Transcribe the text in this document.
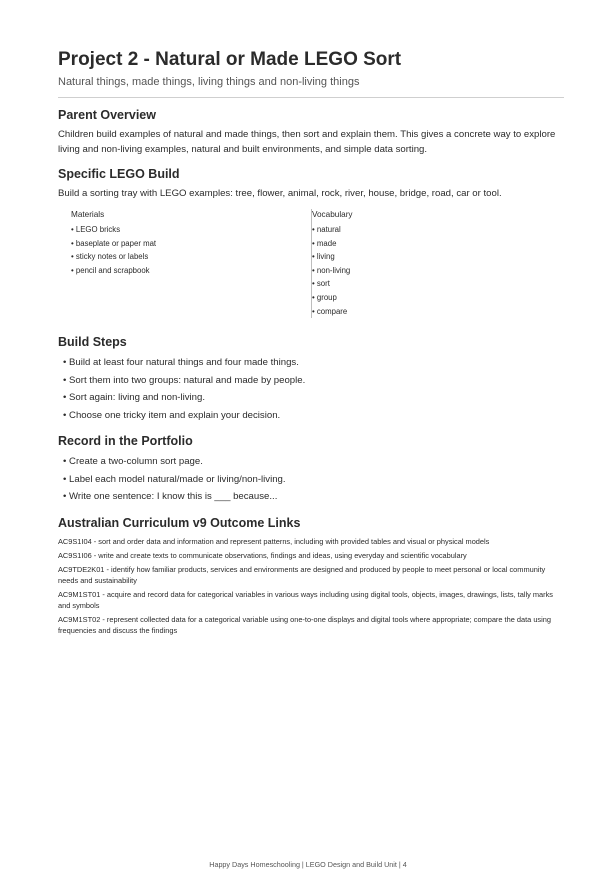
Project 2 - Natural or Made LEGO Sort

Natural things, made things, living things and non-living things

Parent Overview

Children build examples of natural and made things, then sort and explain them. This gives a concrete way to explore living and non-living examples, natural and built environments, and simple data sorting.

Specific LEGO Build

Build a sorting tray with LEGO examples: tree, flower, animal, rock, river, house, bridge, road, car or tool.

Materials

• LEGO bricks
• baseplate or paper mat
• sticky notes or labels
• pencil and scrapbook

Vocabulary

• natural
• made
• living
• non-living
• sort
• group
• compare
Build Steps
• Build at least four natural things and four made things.
• Sort them into two groups: natural and made by people.
• Sort again: living and non-living.
• Choose one tricky item and explain your decision.
Record in the Portfolio
• Create a two-column sort page.
• Label each model natural/made or living/non-living.
• Write one sentence: I know this is ___ because...
Australian Curriculum v9 Outcome Links
AC9S1I04 - sort and order data and information and represent patterns, including with provided tables and visual or physical models
AC9S1I06 - write and create texts to communicate observations, findings and ideas, using everyday and scientific vocabulary
AC9TDE2K01 - identify how familiar products, services and environments are designed and produced by people to meet personal or local community needs and sustainability
AC9M1ST01 - acquire and record data for categorical variables in various ways including using digital tools, objects, images, drawings, lists, tally marks and symbols
AC9M1ST02 - represent collected data for a categorical variable using one-to-one displays and digital tools where appropriate; compare the data using frequencies and discuss the findings
Happy Days Homeschooling | LEGO Design and Build Unit | 4
